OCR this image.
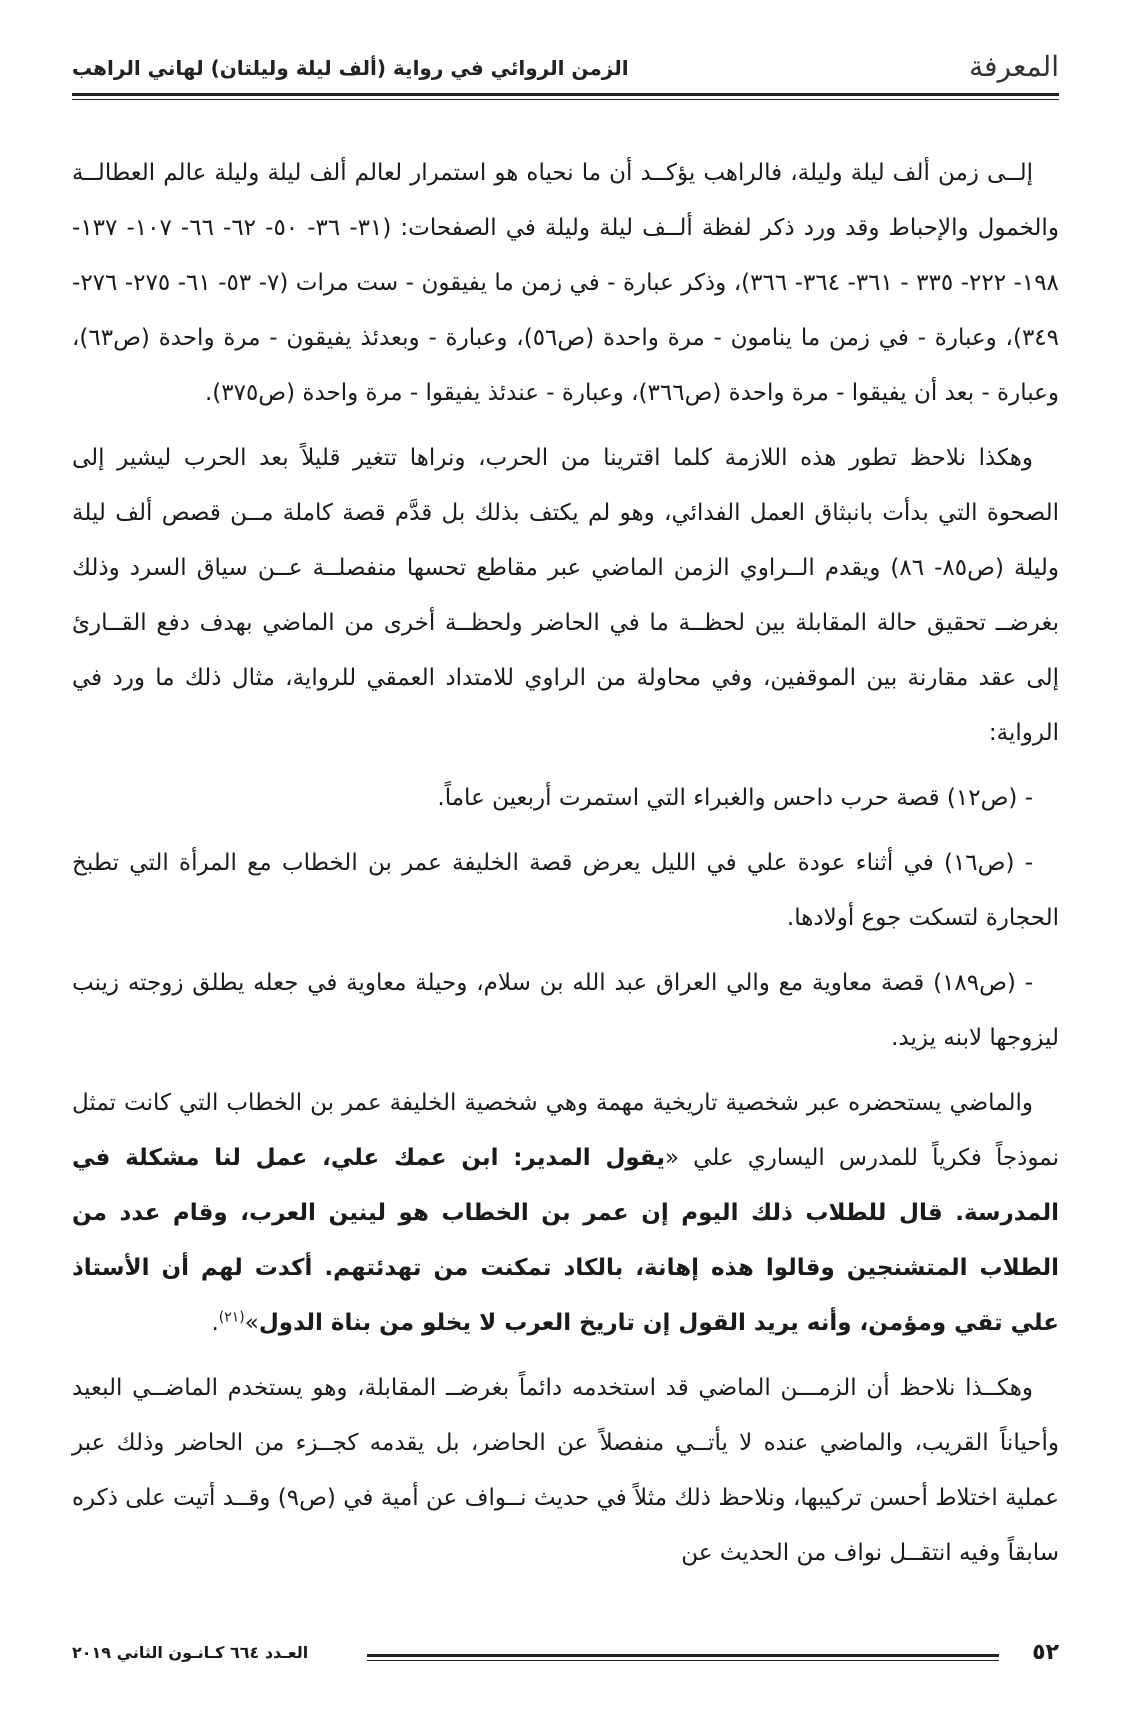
المعرفة
الزمن الروائي في رواية (ألف ليلة وليلتان) لهاني الراهب

إلــى زمن ألف ليلة وليلة، فالراهب يؤكــد أن ما نحياه هو استمرار لعالم ألف ليلة وليلة عالم العطالــة والخمول والإحباط وقد ورد ذكر لفظة ألــف ليلة وليلة في الصفحات: (٣١- ٣٦- ٥٠- ٦٢- ٦٦- ١٠٧- ١٣٧- ١٩٨- ٢٢٢- ٣٣٥ - ٣٦١- ٣٦٤- ٣٦٦)، وذكر عبارة - في زمن ما يفيقون - ست مرات (٧- ٥٣- ٦١- ٢٧٥- ٢٧٦- ٣٤٩)، وعبارة - في زمن ما ينامون - مرة واحدة (ص٥٦)، وعبارة - وبعدئذ يفيقون - مرة واحدة (ص٦٣)، وعبارة - بعد أن يفيقوا - مرة واحدة (ص٣٦٦)، وعبارة - عندئذ يفيقوا - مرة واحدة (ص٣٧٥).

وهكذا نلاحظ تطور هذه اللازمة كلما اقترينا من الحرب، ونراها تتغير قليلاً بعد الحرب ليشير إلى الصحوة التي بدأت بانبثاق العمل الفدائي، وهو لم يكتف بذلك بل قدَّم قصة كاملة مــن قصص ألف ليلة وليلة (ص٨٥- ٨٦) ويقدم الــراوي الزمن الماضي عبر مقاطع تحسها منفصلــة عــن سياق السرد وذلك بغرضــ تحقيق حالة المقابلة بين لحظــة ما في الحاضر ولحظــة أخرى من الماضي بهدف دفع القــارئ إلى عقد مقارنة بين الموقفين، وفي محاولة من الراوي للامتداد العمقي للرواية، مثال ذلك ما ورد في الرواية:

- (ص١٢) قصة حرب داحس والغبراء التي استمرت أربعين عاماً.

- (ص١٦) في أثناء عودة علي في الليل يعرض قصة الخليفة عمر بن الخطاب مع المرأة التي تطبخ الحجارة لتسكت جوع أولادها.

- (ص١٨٩) قصة معاوية مع والي العراق عبد الله بن سلام، وحيلة معاوية في جعله يطلق زوجته زينب ليزوجها لابنه يزيد.

والماضي يستحضره عبر شخصية تاريخية مهمة وهي شخصية الخليفة عمر بن الخطاب التي كانت تمثل نموذجاً فكرياً للمدرس اليساري علي «يقول المدير: ابن عمك علي، عمل لنا مشكلة في المدرسة. قال للطلاب ذلك اليوم إن عمر بن الخطاب هو لينين العرب، وقام عدد من الطلاب المتشنجين وقالوا هذه إهانة، بالكاد تمكنت من تهدئتهم. أكدت لهم أن الأستاذ علي تقي ومؤمن، وأنه يريد القول إن تاريخ العرب لا يخلو من بناة الدول»$^{(٢١)}$.

وهكــذا نلاحظ أن الزمـــن الماضي قد استخدمه دائماً بغرضــ المقابلة، وهو يستخدم الماضــي البعيد وأحياناً القريب، والماضي عنده لا يأتــي منفصلاً عن الحاضر، بل يقدمه كجــزء من الحاضر وذلك عبر عملية اختلاط أحسن تركيبها، ونلاحظ ذلك مثلاً في حديث نــواف عن أمية في (ص٩) وقــد أتيت على ذكره سابقاً وفيه انتقــل نواف من الحديث عن

٥٢
العـدد ٦٦٤ كـانـون الثاني ٢٠١٩
